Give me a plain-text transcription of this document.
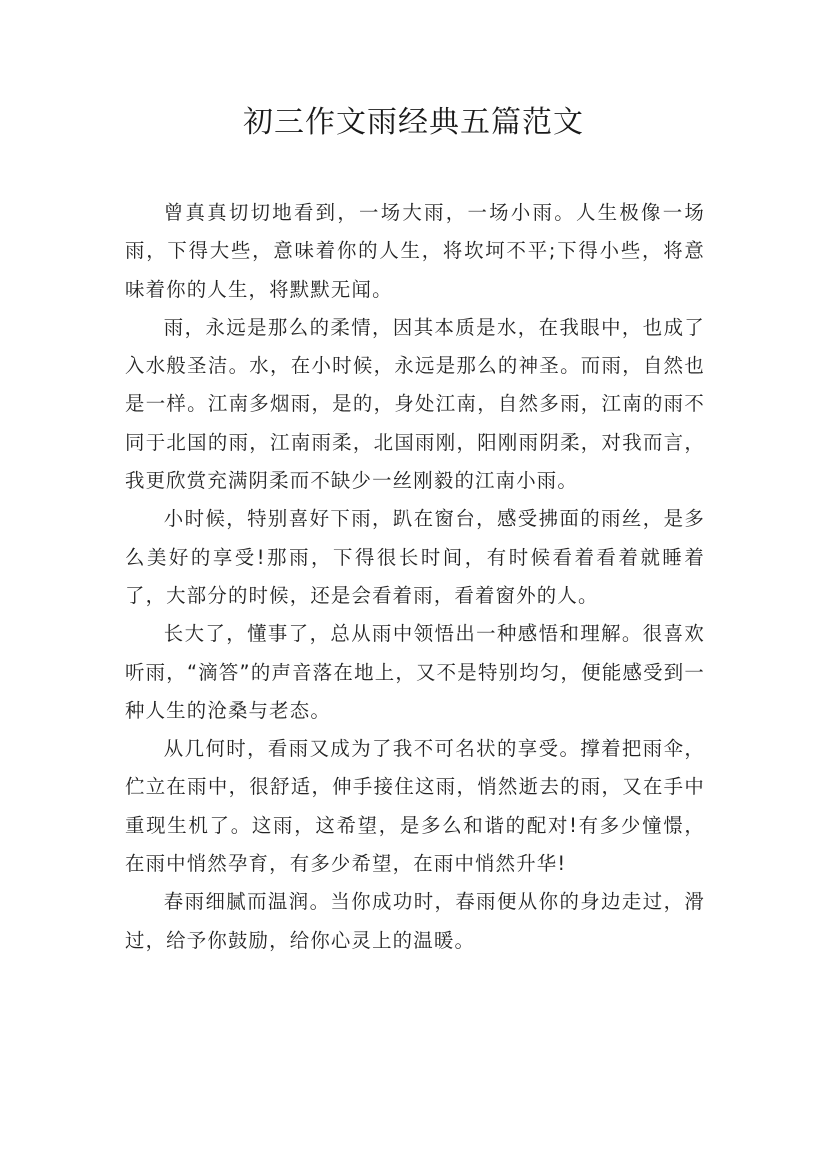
初三作文雨经典五篇范文

曾真真切切地看到，一场大雨，一场小雨。人生极像一场雨，下得大些，意味着你的人生，将坎坷不平;下得小些，将意味着你的人生，将默默无闻。

雨，永远是那么的柔情，因其本质是水，在我眼中，也成了入水般圣洁。水，在小时候，永远是那么的神圣。而雨，自然也是一样。江南多烟雨，是的，身处江南，自然多雨，江南的雨不同于北国的雨，江南雨柔，北国雨刚，阳刚雨阴柔，对我而言，我更欣赏充满阴柔而不缺少一丝刚毅的江南小雨。

小时候，特别喜好下雨，趴在窗台，感受拂面的雨丝，是多么美好的享受!那雨，下得很长时间，有时候看着看着就睡着了，大部分的时候，还是会看着雨，看着窗外的人。

长大了，懂事了，总从雨中领悟出一种感悟和理解。很喜欢听雨，“滴答”的声音落在地上，又不是特别均匀，便能感受到一种人生的沧桑与老态。

从几何时，看雨又成为了我不可名状的享受。撑着把雨伞，伫立在雨中，很舒适，伸手接住这雨，悄然逝去的雨，又在手中重现生机了。这雨，这希望，是多么和谐的配对!有多少憧憬，在雨中悄然孕育，有多少希望，在雨中悄然升华!

春雨细腻而温润。当你成功时，春雨便从你的身边走过，滑过，给予你鼓励，给你心灵上的温暖。
